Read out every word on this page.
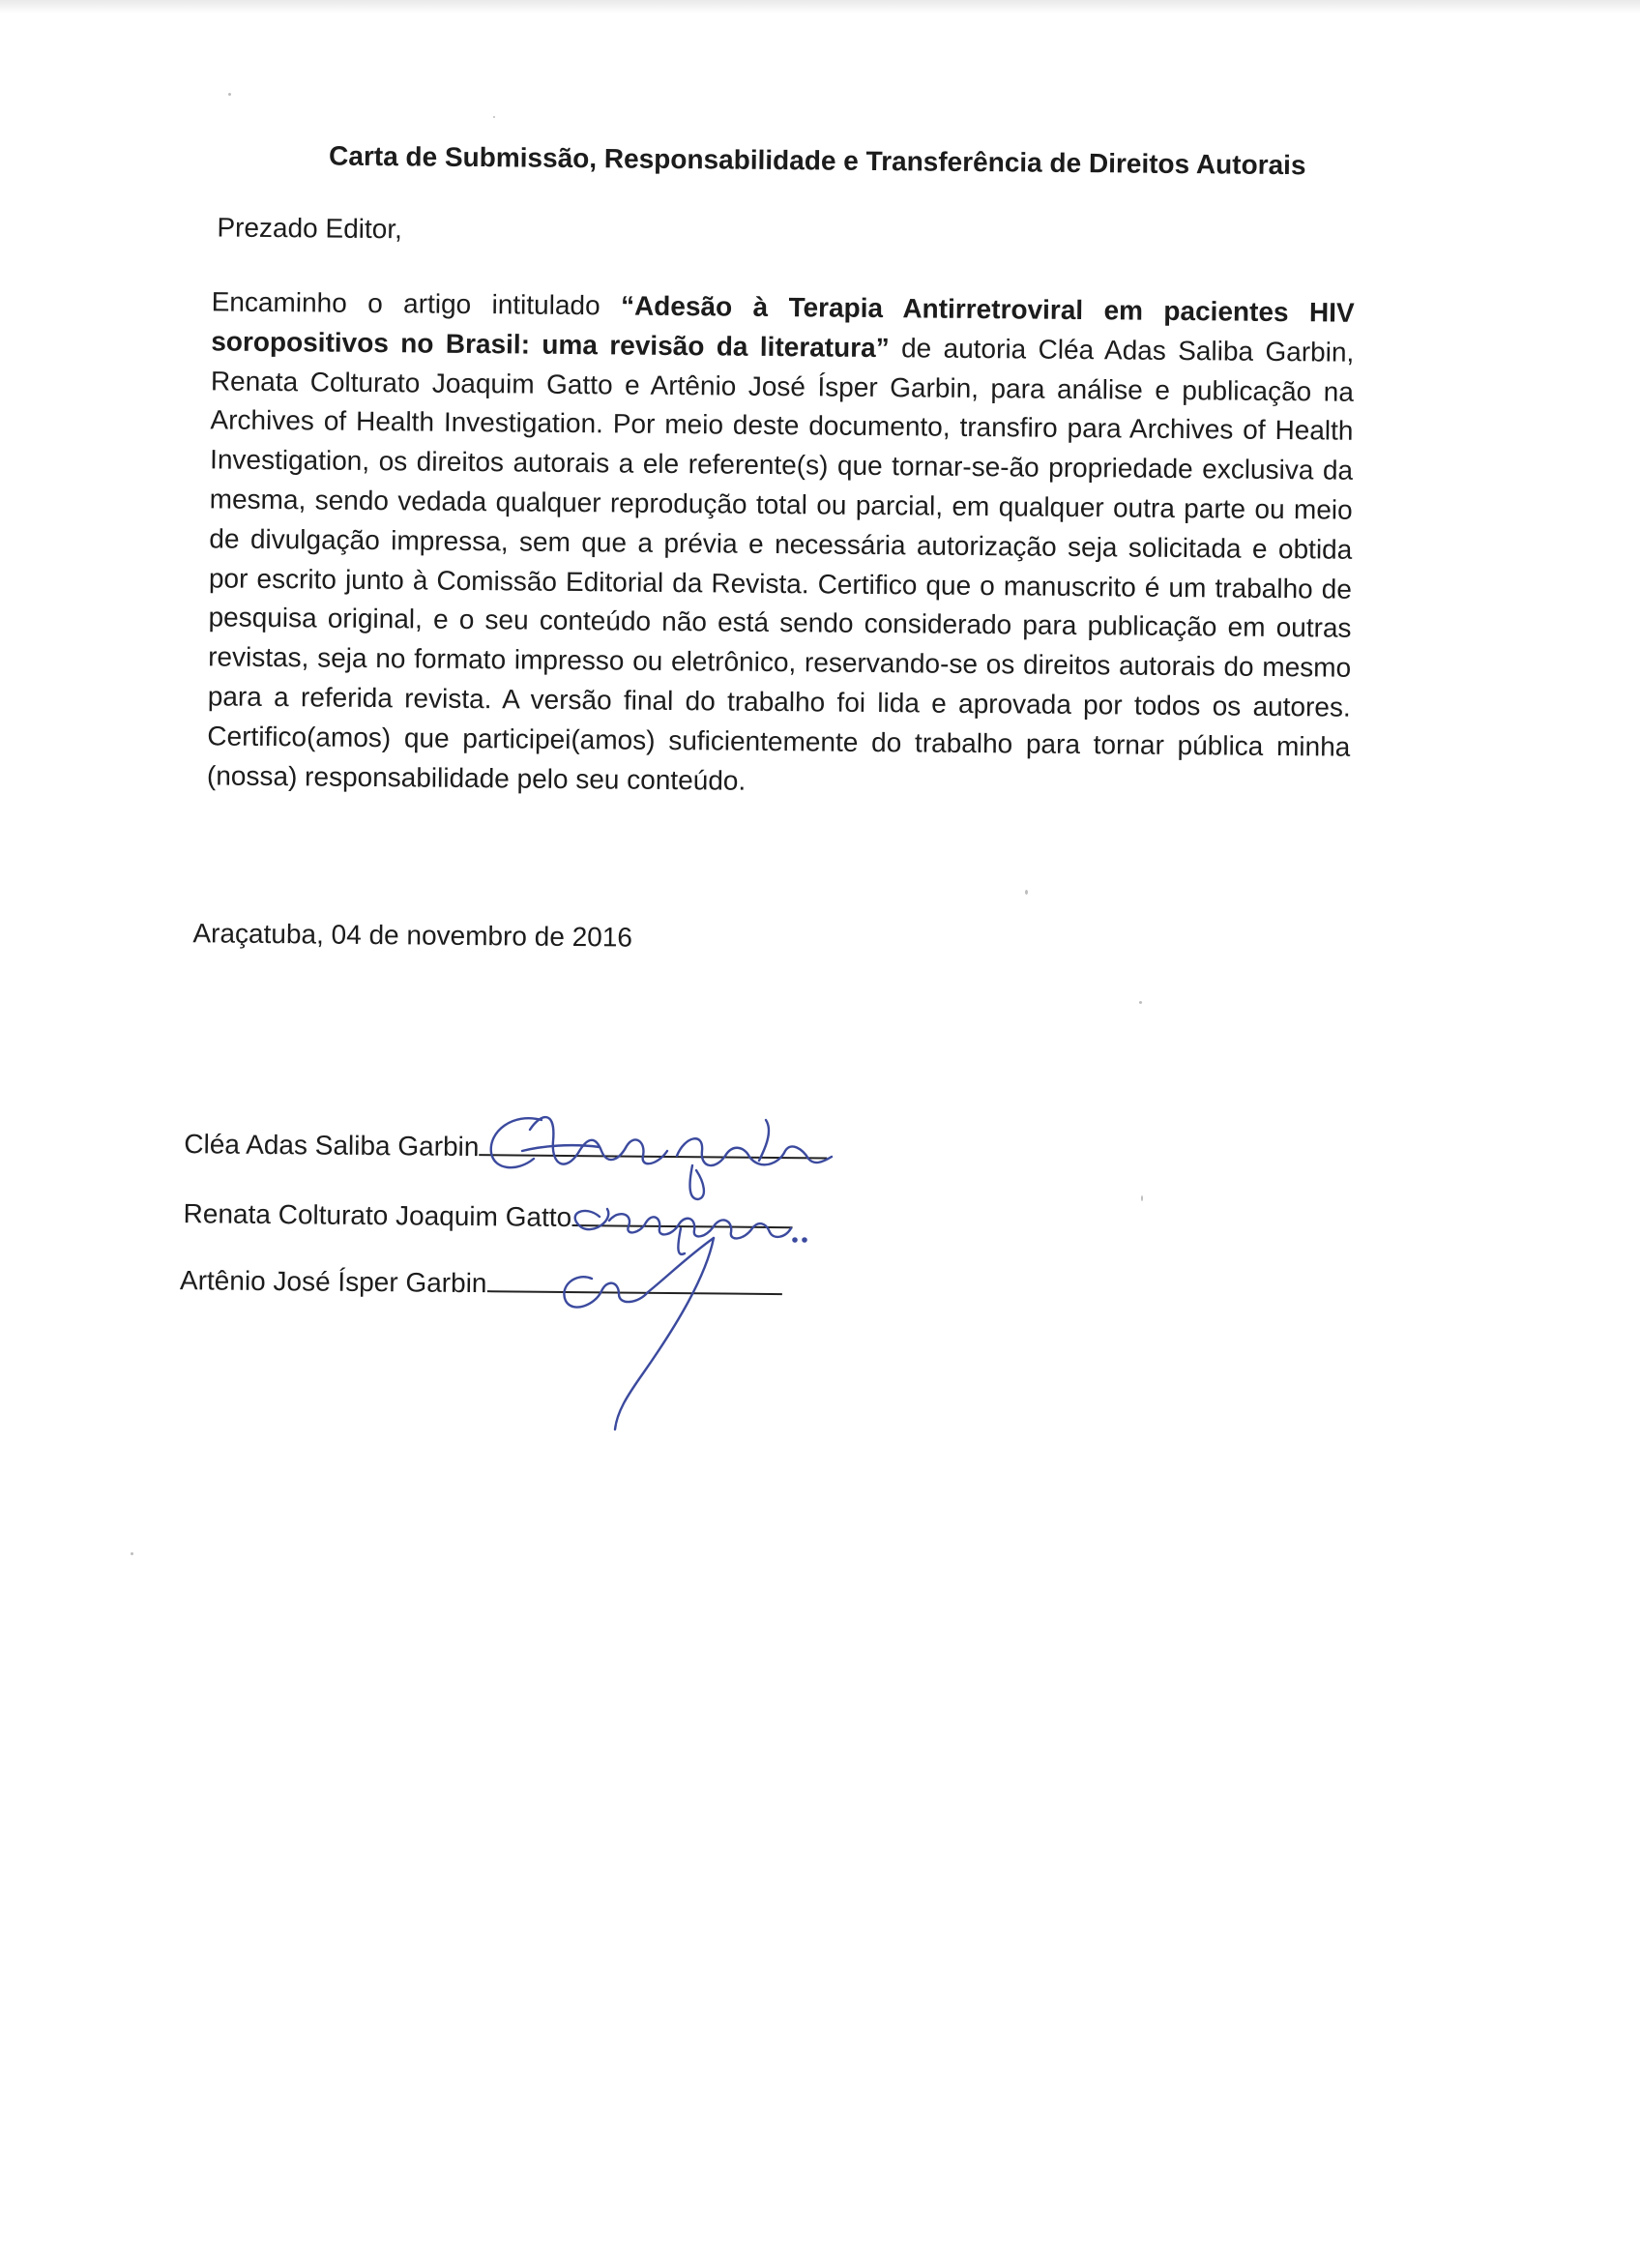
Carta de Submissão, Responsabilidade e Transferência de Direitos Autorais
Prezado Editor,
Encaminho o artigo intitulado “Adesão à Terapia Antirretroviral em pacientes HIV soropositivos no Brasil: uma revisão da literatura” de autoria Cléa Adas Saliba Garbin, Renata Colturato Joaquim Gatto e Artênio José Ísper Garbin, para análise e publicação na Archives of Health Investigation. Por meio deste documento, transfiro para Archives of Health Investigation, os direitos autorais a ele referente(s) que tornar-se-ão propriedade exclusiva da mesma, sendo vedada qualquer reprodução total ou parcial, em qualquer outra parte ou meio de divulgação impressa, sem que a prévia e necessária autorização seja solicitada e obtida por escrito junto à Comissão Editorial da Revista. Certifico que o manuscrito é um trabalho de pesquisa original, e o seu conteúdo não está sendo considerado para publicação em outras revistas, seja no formato impresso ou eletrônico, reservando-se os direitos autorais do mesmo para a referida revista. A versão final do trabalho foi lida e aprovada por todos os autores. Certifico(amos) que participei(amos) suficientemente do trabalho para tornar pública minha (nossa) responsabilidade pelo seu conteúdo.
Araçatuba, 04 de novembro de 2016
Cléa Adas Saliba Garbin
Renata Colturato Joaquim Gatto
Artênio José Ísper Garbin
